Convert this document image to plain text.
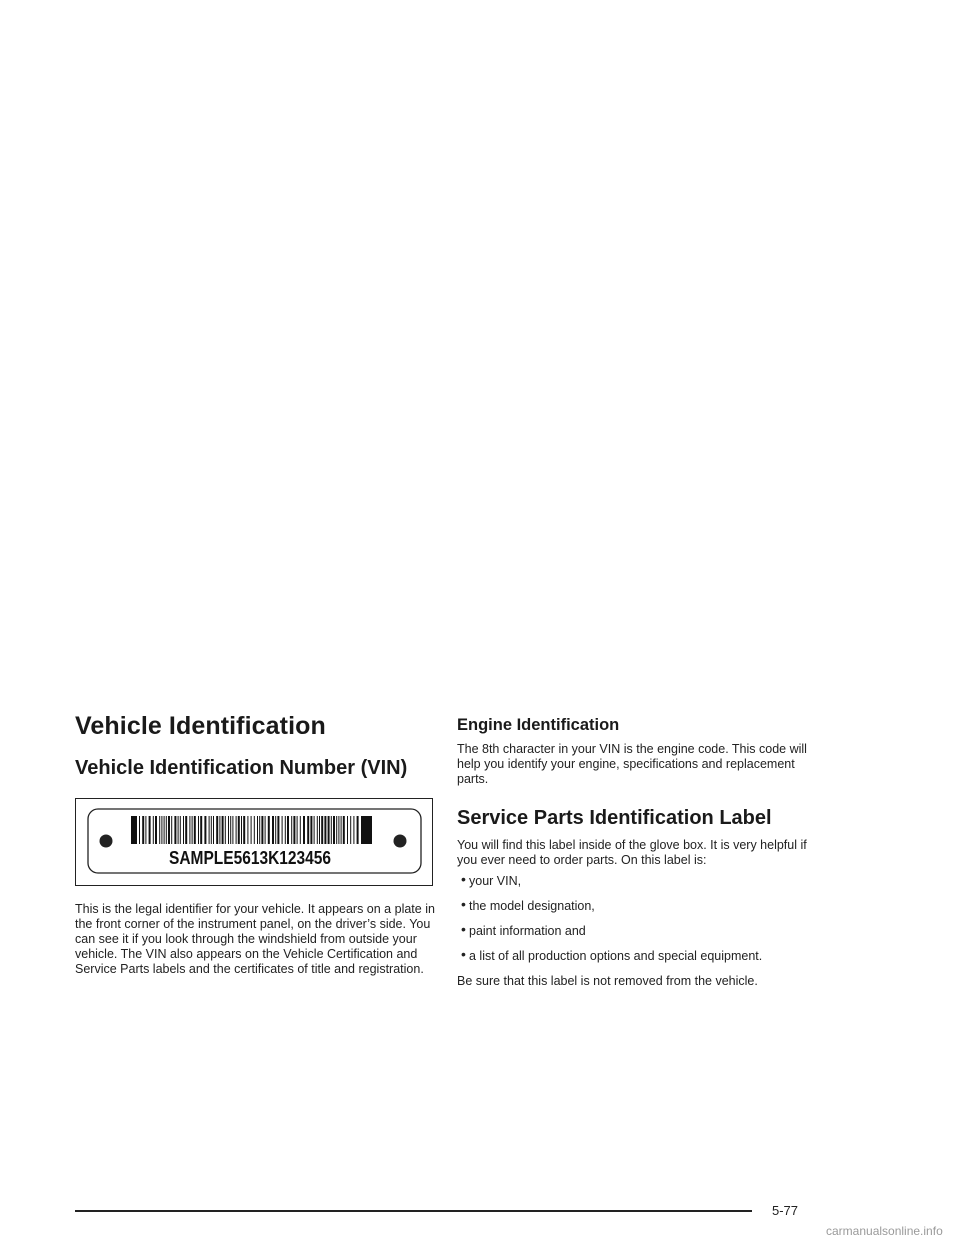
Vehicle Identification
Vehicle Identification Number (VIN)
SAMPLE5613K123456

This is the legal identifier for your vehicle. It appears on a plate in the front corner of the instrument panel, on the driver’s side. You can see it if you look through the windshield from outside your vehicle. The VIN also appears on the Vehicle Certification and Service Parts labels and the certificates of title and registration.

Engine Identification

The 8th character in your VIN is the engine code. This code will help you identify your engine, specifications and replacement parts.

Service Parts Identification Label

You will find this label inside of the glove box. It is very helpful if you ever need to order parts. On this label is:

• your VIN,
• the model designation,
• paint information and
• a list of all production options and special equipment.

Be sure that this label is not removed from the vehicle.

5-77
carmanualsonline.info
